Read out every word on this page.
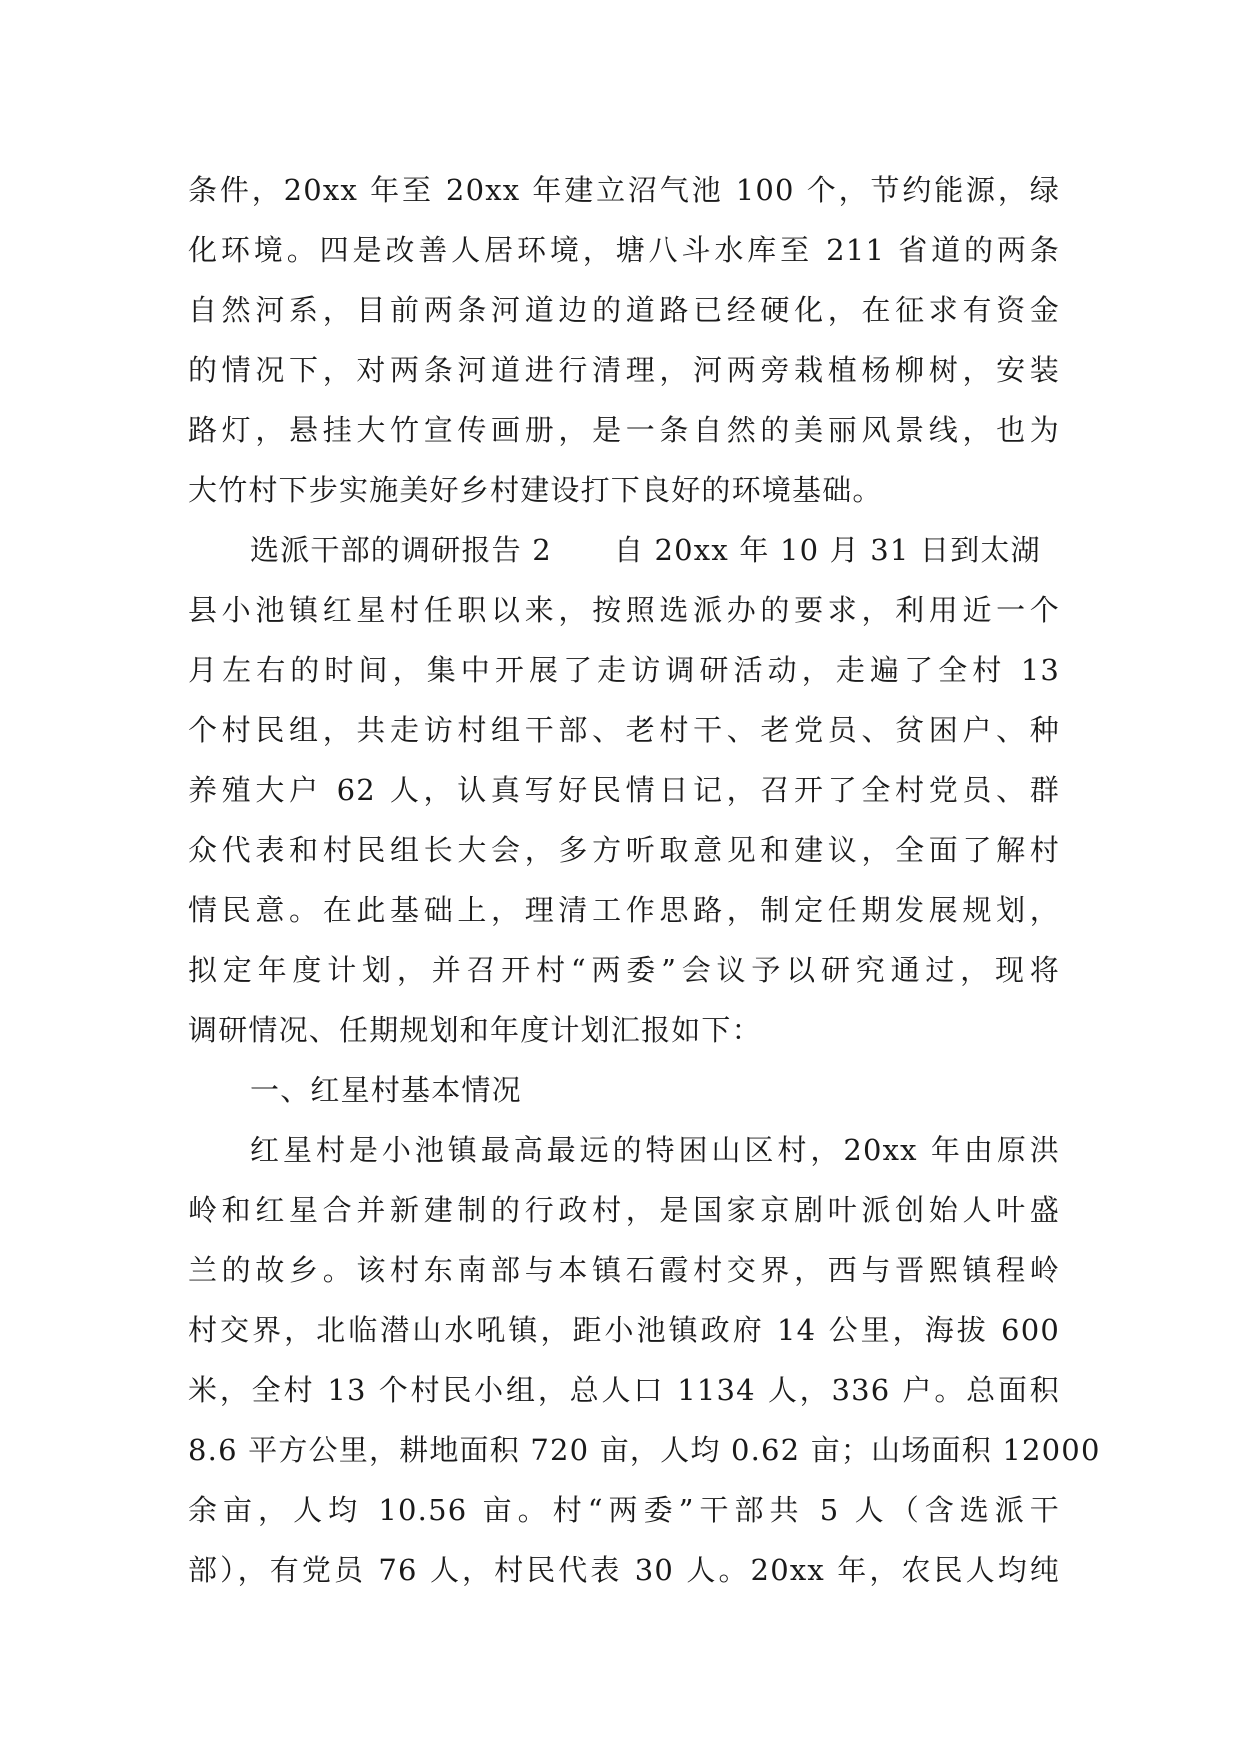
条件，20xx 年至 20xx 年建立沼气池 100 个，节约能源，绿
化环境。四是改善人居环境，塘八斗水库至 211 省道的两条
自然河系，目前两条河道边的道路已经硬化，在征求有资金
的情况下，对两条河道进行清理，河两旁栽植杨柳树，安装
路灯，悬挂大竹宣传画册，是一条自然的美丽风景线，也为
大竹村下步实施美好乡村建设打下良好的环境基础。
选派干部的调研报告 2 自 20xx 年 10 月 31 日到太湖
县小池镇红星村任职以来，按照选派办的要求，利用近一个
月左右的时间，集中开展了走访调研活动，走遍了全村 13
个村民组，共走访村组干部、老村干、老党员、贫困户、种
养殖大户 62 人，认真写好民情日记，召开了全村党员、群
众代表和村民组长大会，多方听取意见和建议，全面了解村
情民意。在此基础上，理清工作思路，制定任期发展规划，
拟定年度计划，并召开村“两委”会议予以研究通过，现将
调研情况、任期规划和年度计划汇报如下：
一、红星村基本情况
红星村是小池镇最高最远的特困山区村，20xx 年由原洪
岭和红星合并新建制的行政村，是国家京剧叶派创始人叶盛
兰的故乡。该村东南部与本镇石霞村交界，西与晋熙镇程岭
村交界，北临潜山水吼镇，距小池镇政府 14 公里，海拔 600
米，全村 13 个村民小组，总人口 1134 人，336 户。总面积
8.6 平方公里，耕地面积 720 亩，人均 0.62 亩；山场面积 12000
余亩，人均 10.56 亩。村“两委”干部共 5 人（含选派干
部），有党员 76 人，村民代表 30 人。20xx 年，农民人均纯
